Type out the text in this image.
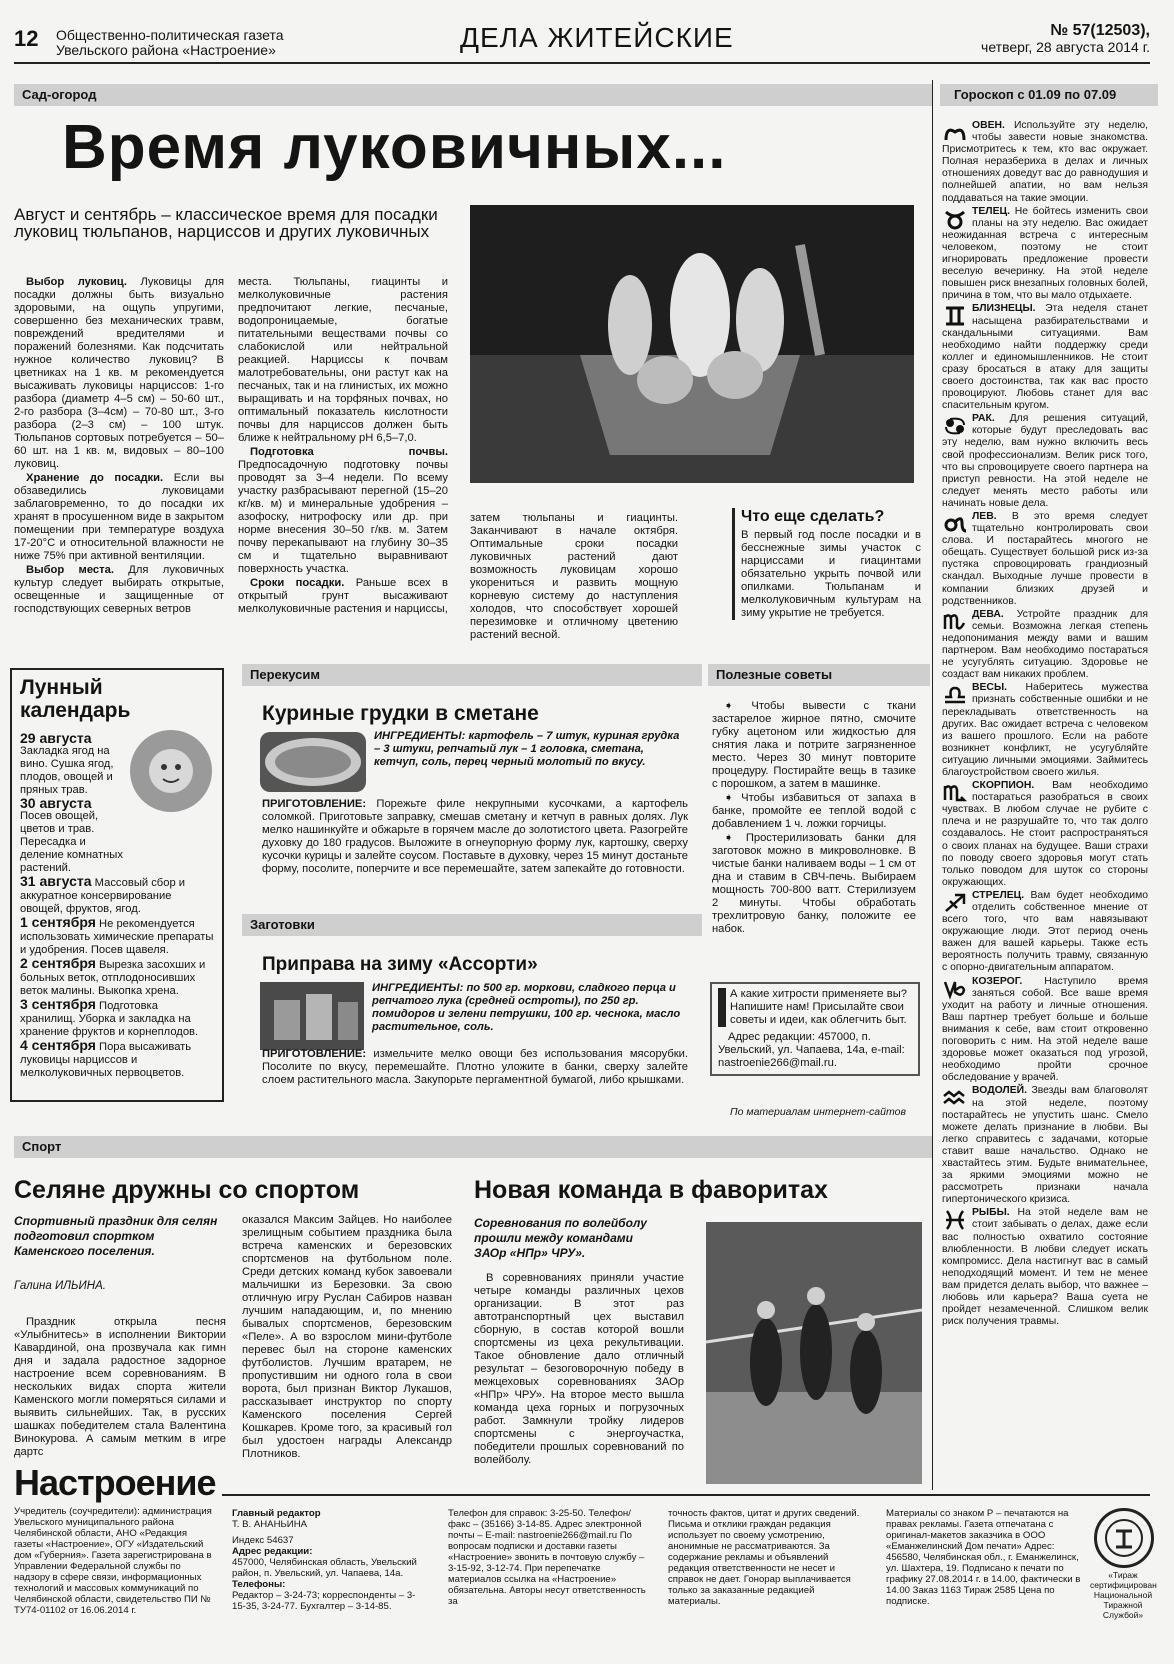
12 Общественно-политическая газета
Увельского района «Настроение»	ДЕЛА ЖИТЕЙСКИЕ	№ 57(12503),
четверг, 28 августа 2014 г.
Сад-огород
Время луковичных...
Август и сентябрь – классическое время для посадки луковиц тюльпанов, нарциссов и других луковичных

Выбор луковиц. Луковицы для посадки должны быть визуально здоровыми, на ощупь упругими, совершенно без механических травм, повреждений вредителями и поражений болезнями. Как подсчитать нужное количество луковиц? В цветниках на 1 кв. м рекомендуется высаживать луковицы нарциссов: 1-го разбора (диаметр 4–5 см) – 50-60 шт., 2-го разбора (3–4см) – 70-80 шт., 3-го разбора (2–3 см) – 100 штук. Тюльпанов сортовых потребуется – 50–60 шт. на 1 кв. м, видовых – 80–100 луковиц.

Хранение до посадки. Если вы обзаведились луковицами заблаговременно, то до посадки их хранят в просушенном виде в закрытом помещении при температуре воздуха 17-20°С и относительной влажности не ниже 75% при активной вентиляции.

Выбор места. Для луковичных культур следует выбирать открытые, освещенные и защищенные от господствующих северных ветров

места. Тюльпаны, гиацинты и мелколуковичные растения предпочитают легкие, песчаные, водопроницаемые, богатые питательными веществами почвы со слабокислой или нейтральной реакцией. Нарциссы к почвам малотребовательны, они растут как на песчаных, так и на глинистых, их можно выращивать и на торфяных почвах, но оптимальный показатель кислотности почвы для нарциссов должен быть ближе к нейтральному pH 6,5–7,0.

Подготовка почвы. Предпосадочную подготовку почвы проводят за 3–4 недели. По всему участку разбрасывают перегной (15–20 кг/кв. м) и минеральные удобрения – азофоску, нитрофоску или др. при норме внесения 30–50 г/кв. м. Затем почву перекапывают на глубину 30–35 см и тщательно выравнивают поверхность участка.

Сроки посадки. Раньше всех в открытый грунт высаживают мелколуковичные растения и нарциссы,

затем тюльпаны и гиацинты. Заканчивают в начале октября. Оптимальные сроки посадки луковичных растений дают возможность луковицам хорошо укорениться и развить мощную корневую систему до наступления холодов, что способствует хорошей перезимовке и отличному цветению растений весной.

Что еще сделать?
В первый год после посадки и в бесснежные зимы участок с нарциссами и гиацинтами обязательно укрыть почвой или опилками. Тюльпанам и мелколуковичным культурам на зиму укрытие не требуется.
Лунный календарь
29 августа
Закладка ягод на вино. Сушка ягод, плодов, овощей и пряных трав.
30 августа
Посев овощей, цветов и трав. Пересадка и деление комнатных растений.
31 августа Массовый сбор и аккуратное консервирование овощей, фруктов, ягод.
1 сентября Не рекомендуется использовать химические препараты и удобрения. Посев щавеля.
2 сентября Вырезка засохших и больных веток, отплодоносивших веток малины. Выкопка хрена.
3 сентября Подготовка хранилищ. Уборка и закладка на хранение фруктов и корнеплодов.
4 сентября Пора высаживать луковицы нарциссов и мелколуковичных первоцветов.
Перекусим
Куриные грудки в сметане
ИНГРЕДИЕНТЫ: картофель – 7 штук, куриная грудка – 3 штуки, репчатый лук – 1 головка, сметана, кетчуп, соль, перец черный молотый по вкусу.
ПРИГОТОВЛЕНИЕ: Порежьте филе некрупными кусочками, а картофель соломкой. Приготовьте заправку, смешав сметану и кетчуп в равных долях. Лук мелко нашинкуйте и обжарьте в горячем масле до золотистого цвета. Разогрейте духовку до 180 градусов. Выложите в огнеупорную форму лук, картошку, сверху кусочки курицы и залейте соусом. Поставьте в духовку, через 15 минут достаньте форму, посолите, поперчите и все перемешайте, затем запекайте до готовности.
Заготовки
Приправа на зиму «Ассорти»
ИНГРЕДИЕНТЫ: по 500 гр. моркови, сладкого перца и репчатого лука (средней остроты), по 250 гр. помидоров и зелени петрушки, 100 гр. чеснока, масло растительное, соль.
ПРИГОТОВЛЕНИЕ: измельчите мелко овощи без использования мясорубки. Посолите по вкусу, перемешайте. Плотно уложите в банки, сверху залейте слоем растительного масла. Закупорьте пергаментной бумагой, либо крышками.
Полезные советы

➧ Чтобы вывести с ткани застарелое жирное пятно, смочите губку ацетоном или жидкостью для снятия лака и потрите загрязненное место. Через 30 минут повторите процедуру. Постирайте вещь в тазике с порошком, а затем в машинке.

➧ Чтобы избавиться от запаха в банке, промойте ее теплой водой с добавлением 1 ч. ложки горчицы.

➧ Простерилизовать банки для заготовок можно в микроволновке. В чистые банки наливаем воды – 1 см от дна и ставим в СВЧ-печь. Выбираем мощность 700-800 ватт. Стерилизуем 2 минуты. Чтобы обработать трехлитровую банку, положите ее набок.

А какие хитрости применяете вы? Напишите нам! Присылайте свои советы и идеи, как облегчить быт.
Адрес редакции: 457000, п. Увельский, ул. Чапаева, 14а, e-mail: nastroenie266@mail.ru.
По материалам интернет-сайтов
Гороскоп с 01.09 по 07.09
ОВЕН. Используйте эту неделю, чтобы завести новые знакомства. Присмотритесь к тем, кто вас окружает. Полная неразбериха в делах и личных отношениях доведут вас до равнодушия и полнейшей апатии, но вам нельзя поддаваться на такие эмоции.
ТЕЛЕЦ. Не бойтесь изменить свои планы на эту неделю. Вас ожидает неожиданная встреча с интересным человеком, поэтому не стоит игнорировать предложение провести веселую вечеринку. На этой неделе повышен риск внезапных головных болей, причина в том, что вы мало отдыхаете.
БЛИЗНЕЦЫ. Эта неделя станет насыщена разбирательствами и скандальными ситуациями. Вам необходимо найти поддержку среди коллег и единомышленников. Не стоит сразу бросаться в атаку для защиты своего достоинства, так как вас просто провоцируют. Любовь станет для вас спасительным кругом.
РАК. Для решения ситуаций, которые будут преследовать вас эту неделю, вам нужно включить весь свой профессионализм. Велик риск того, что вы спровоцируете своего партнера на приступ ревности. На этой неделе не следует менять место работы или начинать новые дела.
ЛЕВ. В это время следует тщательно контролировать свои слова. И постарайтесь многого не обещать. Существует большой риск из-за пустяка спровоцировать грандиозный скандал. Выходные лучше провести в компании близких друзей и родственников.
ДЕВА. Устройте праздник для семьи. Возможна легкая степень недопонимания между вами и вашим партнером. Вам необходимо постараться не усугублять ситуацию. Здоровье не создаст вам никаких проблем.
ВЕСЫ. Наберитесь мужества признать собственные ошибки и не перекладывать ответственность на других. Вас ожидает встреча с человеком из вашего прошлого. Если на работе возникнет конфликт, не усугубляйте ситуацию личными эмоциями. Займитесь благоустройством своего жилья.
СКОРПИОН. Вам необходимо постараться разобраться в своих чувствах. В любом случае не рубите с плеча и не разрушайте то, что так долго создавалось. Не стоит распространяться о своих планах на будущее. Ваши страхи по поводу своего здоровья могут стать только поводом для шуток со стороны окружающих.
СТРЕЛЕЦ. Вам будет необходимо отделить собственное мнение от всего того, что вам навязывают окружающие люди. Этот период очень важен для вашей карьеры. Также есть вероятность получить травму, связанную с опорно-двигательным аппаратом.
КОЗЕРОГ. Наступило время заняться собой. Все ваше время уходит на работу и личные отношения. Ваш партнер требует больше и больше внимания к себе, вам стоит откровенно поговорить с ним. На этой неделе ваше здоровье может оказаться под угрозой, необходимо пройти срочное обследование у врачей.
ВОДОЛЕЙ. Звезды вам благоволят на этой неделе, поэтому постарайтесь не упустить шанс. Смело можете делать признание в любви. Вы легко справитесь с задачами, которые ставит ваше начальство. Однако не хвастайтесь этим. Будьте внимательнее, за яркими эмоциями можно не рассмотреть признаки начала гипертонического кризиса.
РЫБЫ. На этой неделе вам не стоит забывать о делах, даже если вас полностью охватило состояние влюбленности. В любви следует искать компромисс. Дела настигнут вас в самый неподходящий момент. И тем не менее вам придется делать выбор, что важнее – любовь или карьера? Ваша суета не пройдет незамеченной. Слишком велик риск получения травмы.
Спорт
Селяне дружны со спортом
Спортивный праздник для селян подготовил спортком Каменского поселения.
Галина ИЛЬИНА.

Праздник открыла песня «Улыбнитесь» в исполнении Виктории Кавардиной, она прозвучала как гимн дня и задала радостное задорное настроение всем соревнованиям. В нескольких видах спорта жители Каменского могли померяться силами и выявить сильнейших. Так, в русских шашках победителем стала Валентина Винокурова. А самым метким в игре дартс

оказался Максим Зайцев. Но наиболее зрелищным событием праздника была встреча каменских и березовских спортсменов на футбольном поле. Среди детских команд кубок завоевали мальчишки из Березовки. За свою отличную игру Руслан Сабиров назван лучшим нападающим, и, по мнению бывалых спортсменов, березовским «Пеле». А во взрослом мини-футболе перевес был на стороне каменских футболистов. Лучшим вратарем, не пропустившим ни одного гола в свои ворота, был признан Виктор Лукашов, рассказывает инструктор по спорту Каменского поселения Сергей Кошкарев. Кроме того, за красивый гол был удостоен награды Александр Плотников.

Новая команда в фаворитах
Соревнования по волейболу прошли между командами ЗАОр «НПр» ЧРУ».

В соревнованиях приняли участие четыре команды различных цехов организации. В этот раз автотранспортный цех выставил сборную, в состав которой вошли спортсмены из цеха рекультивации. Такое обновление дало отличный результат – безоговорочную победу в межцеховых соревнованиях ЗАОр «НПр» ЧРУ». На второе место вышла команда цеха горных и погрузочных работ. Замкнули тройку лидеров спортсмены с энергоучастка, победители прошлых соревнований по волейболу.

Настроение

Учредитель (соучредители): администрация Увельского муниципального района Челябинской области, АНО «Редакция газеты «Настроение», ОГУ «Издательский дом «Губерния». Газета зарегистрирована в Управлении Федеральной службы по надзору в сфере связи, информационных технологий и массовых коммуникаций по Челябинской области, свидетельство ПИ № ТУ74-01102 от 16.06.2014 г.

Главный редактор

Т. В. АНАНЬИНА

Индекс 54637

Адрес редакции:

457000, Челябинская область, Увельский район, п. Увельский, ул. Чапаева, 14а.

Телефоны:

Редактор – 3-24-73; корреспонденты – 3-15-35, 3-24-77. Бухгалтер – 3-14-85.

Телефон для справок: 3-25-50. Телефон/факс – (35166) 3-14-85. Адрес электронной почты – E-mail: nastroenie266@mail.ru По вопросам подписки и доставки газеты «Настроение» звонить в почтовую службу – 3-15-92, 3-12-74. При перепечатке материалов ссылка на «Настроение» обязательна. Авторы несут ответственность за

точность фактов, цитат и других сведений. Письма и отклики граждан редакция использует по своему усмотрению, анонимные не рассматриваются. За содержание рекламы и объявлений редакция ответственности не несет и справок не дает. Гонорар выплачивается только за заказанные редакцией материалы.

Материалы со знаком Р – печатаются на правах рекламы. Газета отпечатана с оригинал-макетов заказчика в ООО «Еманжелинский Дом печати» Адрес: 456580, Челябинская обл., г. Еманжелинск, ул. Шахтера, 19. Подписано к печати по графику 27.08.2014 г. в 14.00, фактически в 14.00 Заказ 1163 Тираж 2585 Цена по подписке.

«Тираж сертифицирован Национальной Тиражной Службой»
